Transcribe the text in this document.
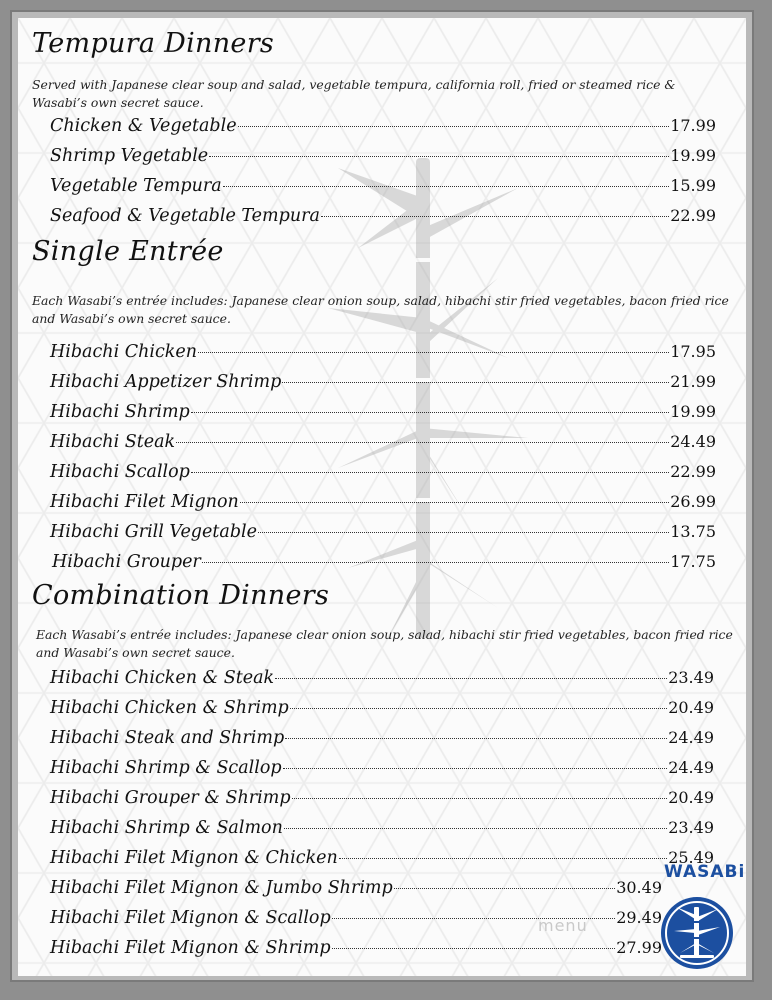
Tempura Dinners

Served with Japanese clear soup and salad, vegetable tempura, california roll, fried or steamed rice & Wasabi’s own secret sauce.

Chicken & Vegetable	17.99
Shrimp Vegetable	19.99
Vegetable Tempura	15.99
Seafood & Vegetable Tempura	22.99
Single Entrée

Each Wasabi’s entrée includes: Japanese clear onion soup, salad, hibachi stir fried vegetables, bacon fried rice and Wasabi’s own secret sauce.

Hibachi Chicken	17.95
Hibachi Appetizer Shrimp	21.99
Hibachi Shrimp	19.99
Hibachi Steak	24.49
Hibachi Scallop	22.99
Hibachi Filet Mignon	26.99
Hibachi Grill Vegetable	13.75
Hibachi Grouper	17.75
Combination Dinners

Each Wasabi’s entrée includes: Japanese clear onion soup, salad, hibachi stir fried vegetables, bacon fried rice and Wasabi’s own secret sauce.

Hibachi Chicken & Steak	23.49
Hibachi Chicken & Shrimp	20.49
Hibachi Steak and Shrimp	24.49
Hibachi Shrimp & Scallop	24.49
Hibachi Grouper & Shrimp	20.49
Hibachi Shrimp & Salmon	23.49
Hibachi Filet Mignon & Chicken	25.49
Hibachi Filet Mignon & Jumbo Shrimp	30.49
Hibachi Filet Mignon & Scallop	29.49
Hibachi Filet Mignon & Shrimp	27.99
menu
WASABi
